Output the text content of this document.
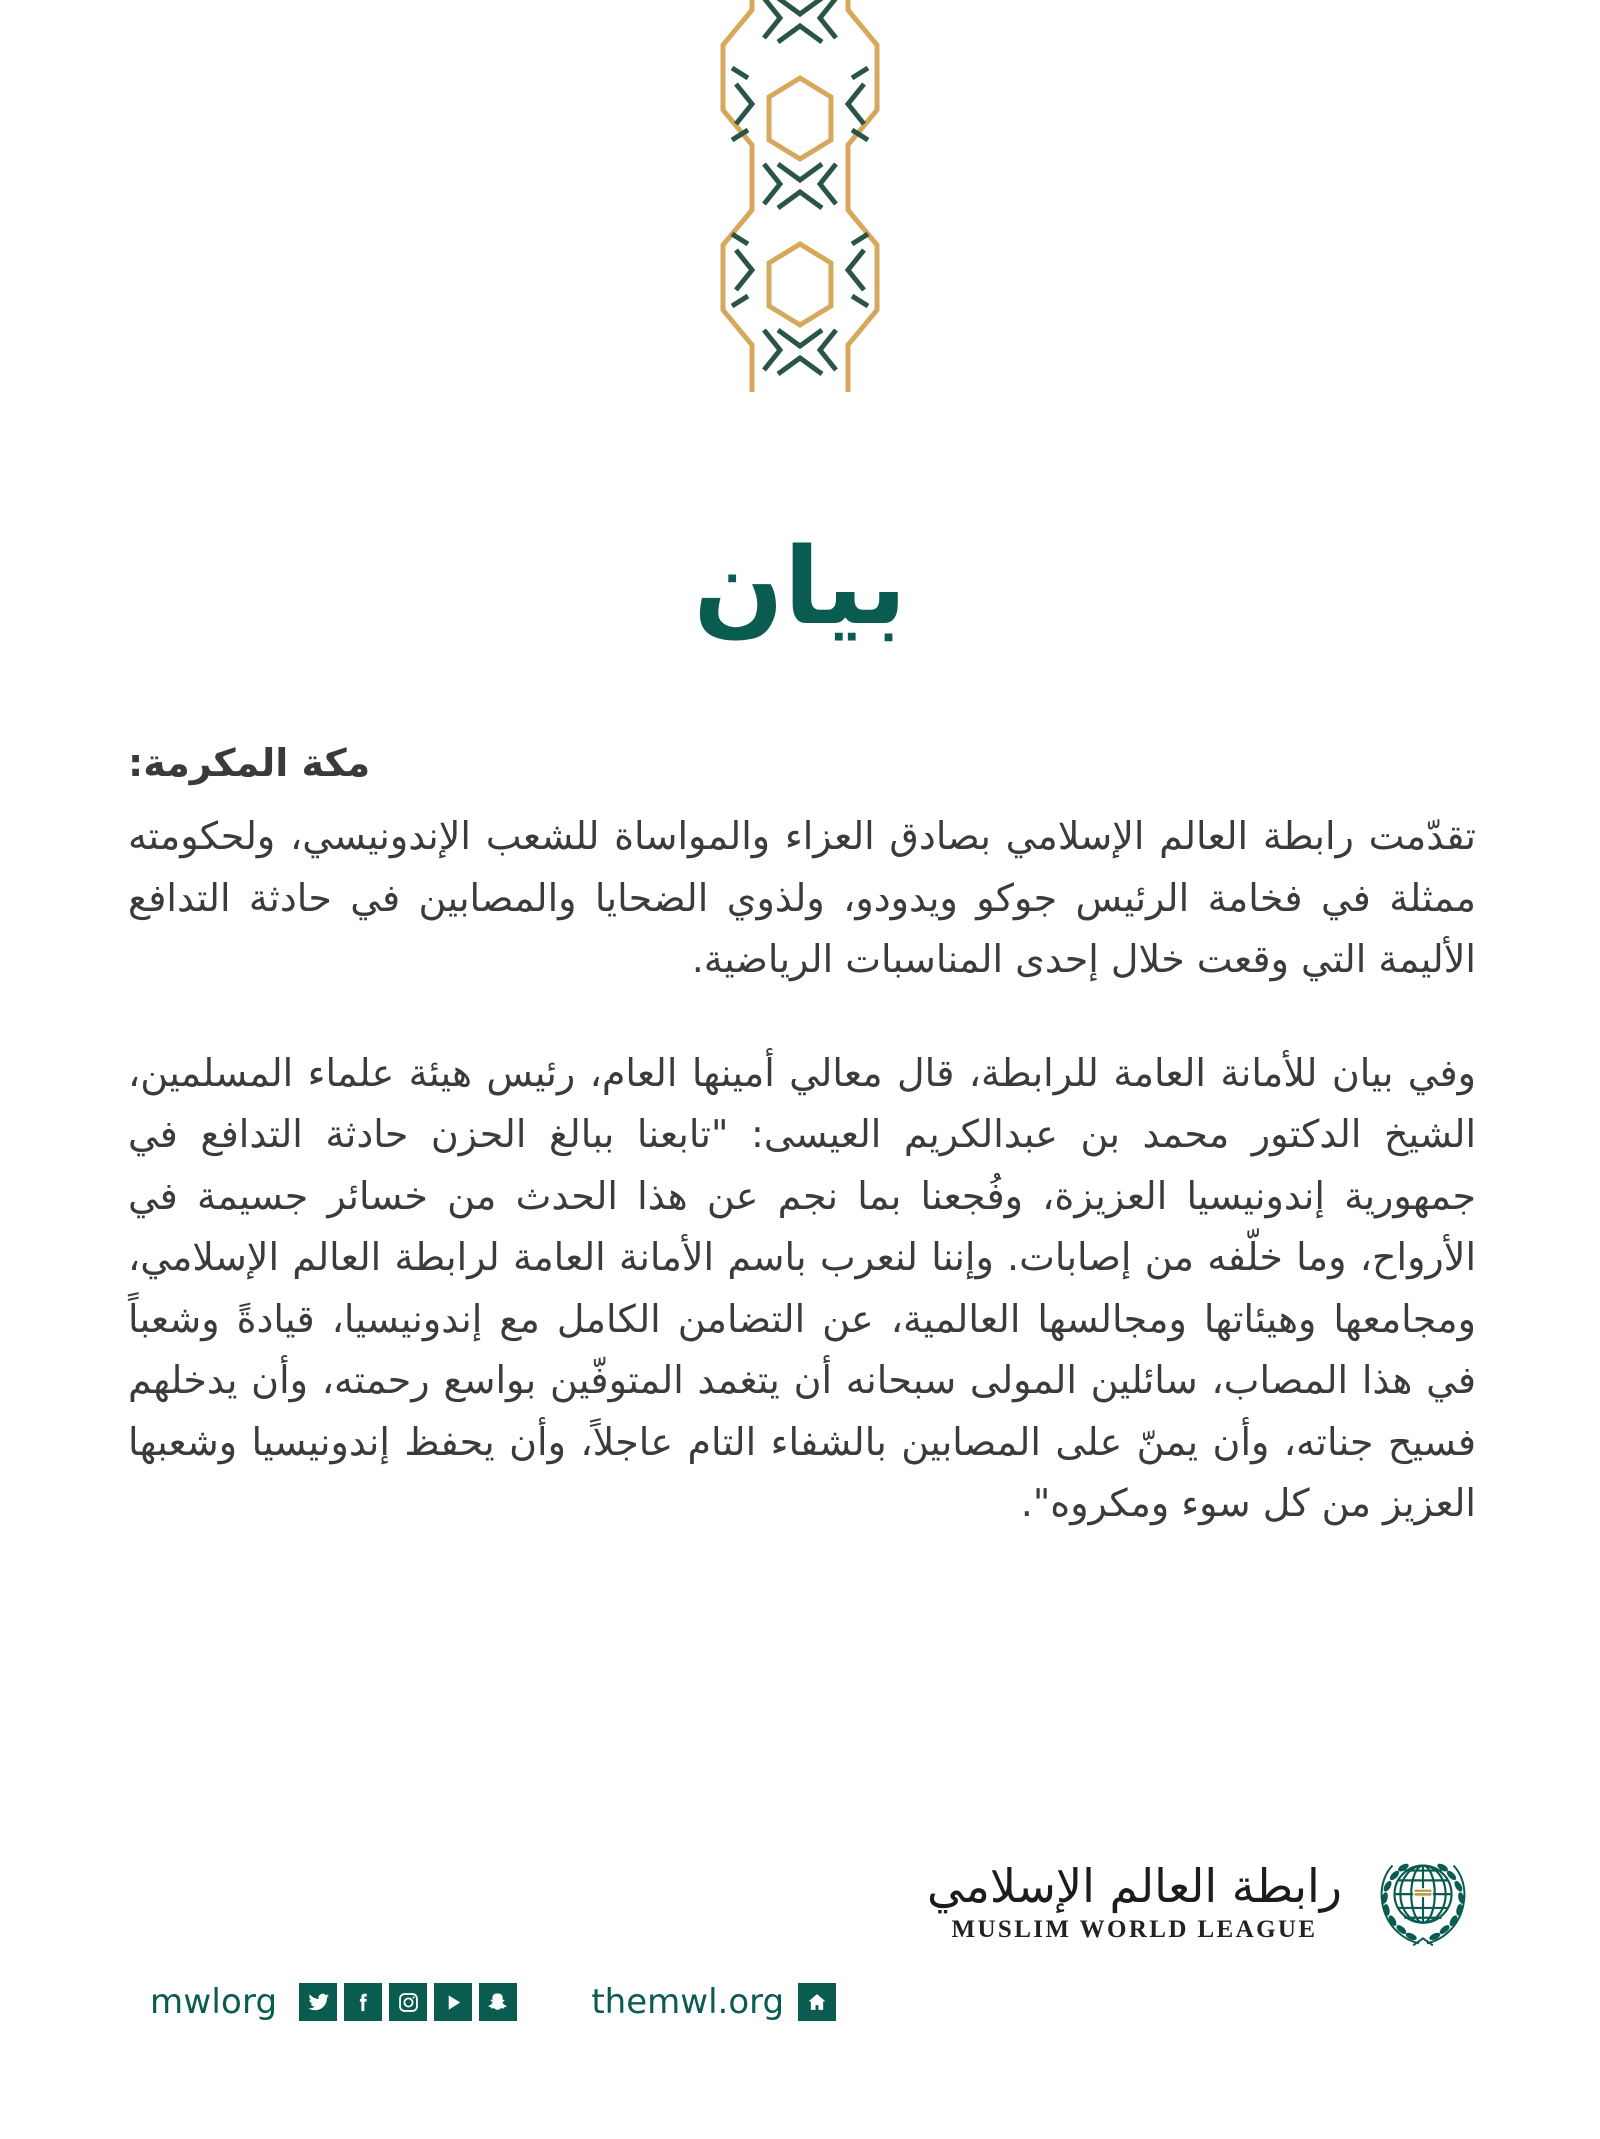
بيان

مكة المكرمة:

تقدّمت رابطة العالم الإسلامي بصادق العزاء والمواساة للشعب الإندونيسي، ولحكومته ممثلة في فخامة الرئيس جوكو ويدودو، ولذوي الضحايا والمصابين في حادثة التدافع الأليمة التي وقعت خلال إحدى المناسبات الرياضية.

وفي بيان للأمانة العامة للرابطة، قال معالي أمينها العام، رئيس هيئة علماء المسلمين، الشيخ الدكتور محمد بن عبدالكريم العيسى: "تابعنا ببالغ الحزن حادثة التدافع في جمهورية إندونيسيا العزيزة، وفُجعنا بما نجم عن هذا الحدث من خسائر جسيمة في الأرواح، وما خلّفه من إصابات. وإننا لنعرب باسم الأمانة العامة لرابطة العالم الإسلامي، ومجامعها وهيئاتها ومجالسها العالمية، عن التضامن الكامل مع إندونيسيا، قيادةً وشعباً في هذا المصاب، سائلين المولى سبحانه أن يتغمد المتوفّين بواسع رحمته، وأن يدخلهم فسيح جناته، وأن يمنّ على المصابين بالشفاء التام عاجلاً، وأن يحفظ إندونيسيا وشعبها العزيز من كل سوء ومكروه".

رابطة العالم الإسلامي
MUSLIM WORLD LEAGUE
mwlorg	themwl.org
